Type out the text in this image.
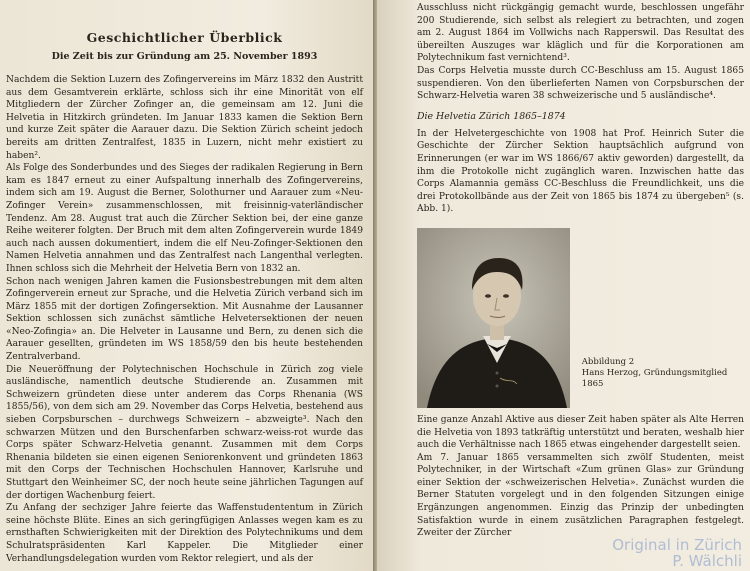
Geschichtlicher Überblick
Die Zeit bis zur Gründung am 25. November 1893

Nachdem die Sektion Luzern des Zofingervereins im März 1832 den Austritt aus dem Gesamtverein erklärte, schloss sich ihr eine Minorität von elf Mitgliedern der Zürcher Zofinger an, die gemeinsam am 12. Juni die Helvetia in Hitzkirch gründeten. Im Januar 1833 kamen die Sektion Bern und kurze Zeit später die Aarauer dazu. Die Sektion Zürich scheint jedoch bereits am dritten Zentralfest, 1835 in Luzern, nicht mehr existiert zu haben².

Als Folge des Sonderbundes und des Sieges der radikalen Regierung in Bern kam es 1847 erneut zu einer Aufspaltung innerhalb des Zofingervereins, indem sich am 19. August die Berner, Solothurner und Aarauer zum «Neu-Zofinger Verein» zusammenschlossen, mit freisinnig-vaterländischer Tendenz. Am 28. August trat auch die Zürcher Sektion bei, der eine ganze Reihe weiterer folgten. Der Bruch mit dem alten Zofingerverein wurde 1849 auch nach aussen dokumentiert, indem die elf Neu-Zofinger-Sektionen den Namen Helvetia annahmen und das Zentralfest nach Langenthal verlegten. Ihnen schloss sich die Mehrheit der Helvetia Bern von 1832 an.

Schon nach wenigen Jahren kamen die Fusionsbestrebungen mit dem alten Zofingerverein erneut zur Sprache, und die Helvetia Zürich verband sich im März 1855 mit der dortigen Zofingersektion. Mit Ausnahme der Lausanner Sektion schlossen sich zunächst sämtliche Helvetersektionen der neuen «Neo-Zofingia» an. Die Helveter in Lausanne und Bern, zu denen sich die Aarauer gesellten, gründeten im WS 1858/59 den bis heute bestehenden Zentralverband.

Die Neueröffnung der Polytechnischen Hochschule in Zürich zog viele ausländische, namentlich deutsche Studierende an. Zusammen mit Schweizern gründeten diese unter anderem das Corps Rhenania (WS 1855/56), von dem sich am 29. November das Corps Helvetia, bestehend aus sieben Corpsburschen – durchwegs Schweizern – abzweigte³. Nach den schwarzen Mützen und den Burschenfarben schwarz-weiss-rot wurde das Corps später Schwarz-Helvetia genannt. Zusammen mit dem Corps Rhenania bildeten sie einen eigenen Seniorenkonvent und gründeten 1863 mit den Corps der Technischen Hochschulen Hannover, Karlsruhe und Stuttgart den Weinheimer SC, der noch heute seine jährlichen Tagungen auf der dortigen Wachenburg feiert.

Zu Anfang der sechziger Jahre feierte das Waffenstudententum in Zürich seine höchste Blüte. Eines an sich geringfügigen Anlasses wegen kam es zu ernsthaften Schwierigkeiten mit der Direktion des Polytechnikums und dem Schulratspräsidenten Karl Kappeler. Die Mitglieder einer Verhandlungsdelegation wurden vom Rektor relegiert, und als der

Ausschluss nicht rückgängig gemacht wurde, beschlossen ungefähr 200 Studierende, sich selbst als relegiert zu betrachten, und zogen am 2. August 1864 im Vollwichs nach Rapperswil. Das Resultat des übereilten Auszuges war kläglich und für die Korporationen am Polytechnikum fast vernichtend³.

Das Corps Helvetia musste durch CC-Beschluss am 15. August 1865 suspendieren. Von den überlieferten Namen von Corpsburschen der Schwarz-Helvetia waren 38 schweizerische und 5 ausländische⁴.

Die Helvetia Zürich 1865–1874

In der Helvetergeschichte von 1908 hat Prof. Heinrich Suter die Geschichte der Zürcher Sektion hauptsächlich aufgrund von Erinnerungen (er war im WS 1866/67 aktiv geworden) dargestellt, da ihm die Protokolle nicht zugänglich waren. Inzwischen hatte das Corps Alamannia gemäss CC-Beschluss die Freundlichkeit, uns die drei Protokollbände aus der Zeit von 1865 bis 1874 zu übergeben⁵ (s. Abb. 1).

Abbildung 2
Hans Herzog, Gründungsmitglied 1865

Eine ganze Anzahl Aktive aus dieser Zeit haben später als Alte Herren die Helvetia von 1893 tatkräftig unterstützt und beraten, weshalb hier auch die Verhältnisse nach 1865 etwas eingehender dargestellt seien.

Am 7. Januar 1865 versammelten sich zwölf Studenten, meist Polytechniker, in der Wirtschaft «Zum grünen Glas» zur Gründung einer Sektion der «schweizerischen Helvetia». Zunächst wurden die Berner Statuten vorgelegt und in den folgenden Sitzungen einige Ergänzungen angenommen. Einzig das Prinzip der unbedingten Satisfaktion wurde in einem zusätzlichen Paragraphen festgelegt. Zweiter der Zürcher

Original in Zürich
P. Wälchli
